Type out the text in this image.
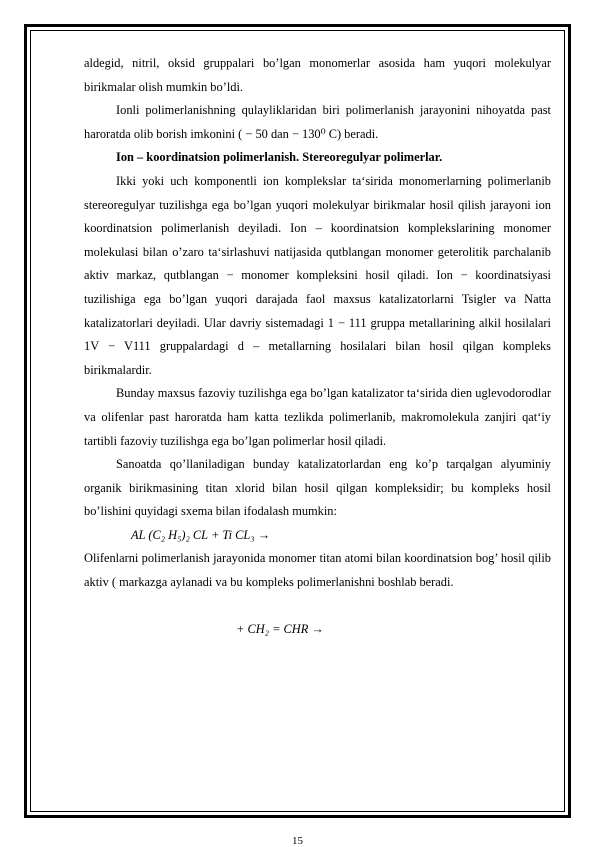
aldegid, nitril, oksid gruppalari bo’lgan monomerlar asosida ham yuqori molekulyar birikmalar olish mumkin bo’ldi.

Ionli polimerlanishning qulayliklaridan biri polimerlanish jarayonini nihoyatda past haroratda olib borish imkonini ( − 50 dan − 130⁰ C) beradi.

Ion – koordinatsion polimerlanish. Stereoregulyar polimerlar.

Ikki yoki uch komponentli ion komplekslar ta‘sirida monomerlarning polimerlanib stereoregulyar tuzilishga ega bo’lgan yuqori molekulyar birikmalar hosil qilish jarayoni ion koordinatsion polimerlanish deyiladi. Ion – koordinatsion komplekslarining monomer molekulasi bilan o’zaro ta‘sirlashuvi natijasida qutblangan monomer geterolitik parchalanib aktiv markaz, qutblangan − monomer kompleksini hosil qiladi. Ion − koordinatsiyasi tuzilishiga ega bo’lgan yuqori darajada faol maxsus katalizatorlarni Tsigler va Natta katalizatorlari deyiladi. Ular davriy sistemadagi 1 − 111 gruppa metallarining alkil hosilalari 1V − V111 gruppalardagi d – metallarning hosilalari bilan hosil qilgan kompleks birikmalardir.

Bunday maxsus fazoviy tuzilishga ega bo’lgan katalizator ta‘sirida dien uglevodorodlar va olifenlar past haroratda ham katta tezlikda polimerlanib, makromolekula zanjiri qat‘iy tartibli fazoviy tuzilishga ega bo’lgan polimerlar hosil qiladi.

Sanoatda qo’llaniladigan bunday katalizatorlardan eng ko’p tarqalgan alyuminiy organik birikmasining titan xlorid bilan hosil qilgan kompleksidir; bu kompleks hosil bo’lishini quyidagi sxema bilan ifodalash mumkin:

AL (C₂ H₅)₂ CL + Ti CL₃ →

Olifenlarni polimerlanish jarayonida monomer titan atomi bilan koordinatsion bog’ hosil qilib aktiv ( markazga aylanadi va bu kompleks polimerlanishni boshlab beradi.

+ CH₂ = CHR →

15
